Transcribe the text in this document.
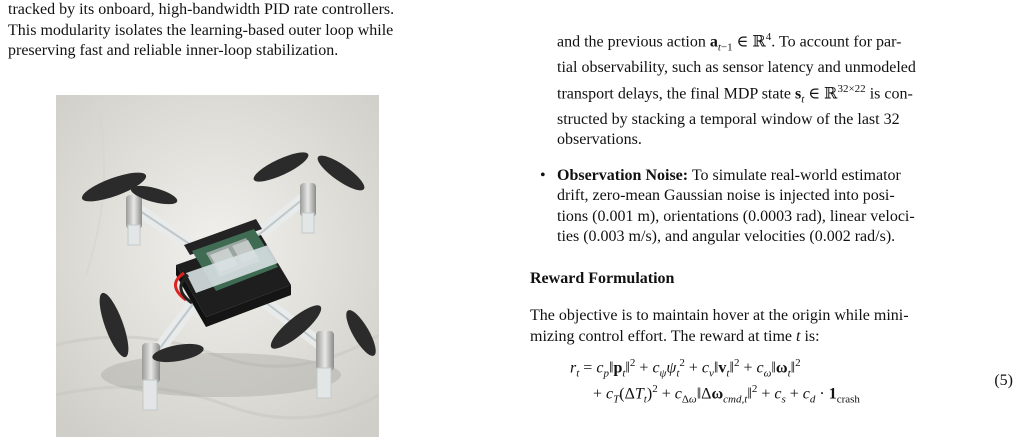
tracked by its onboard, high-bandwidth PID rate controllers.

This modularity isolates the learning-based outer loop while

preserving fast and reliable inner-loop stabilization.

and the previous action $a_{t-1}$ ∈ ℝ$^4$. To account for par-

tial observability, such as sensor latency and unmodeled

transport delays, the final MDP state $s_t$ ∈ ℝ$^{32\times 22}$ is con-

structed by stacking a temporal window of the last 32

observations.

• Observation Noise: To simulate real-world estimator
drift, zero-mean Gaussian noise is injected into posi-
tions (0.001 m), orientations (0.0003 rad), linear veloci-
ties (0.003 m/s), and angular velocities (0.002 rad/s).

Reward Formulation

The objective is to maintain hover at the origin while mini-

mizing control effort. The reward at time t is:

$r_t$ = $c_p‖p_t‖^2 + c_\psi\psi_t^2$ + $c_v‖v_t‖^2$ + $c_\omega‖\omega_t‖^2$
+ $c_T(\Delta T_t)^2$ + $c_{\Delta\omega}‖\Delta\omega_{cmd,t}‖^2 + c_s + c_d \cdot 1_{crash}$
(5)
